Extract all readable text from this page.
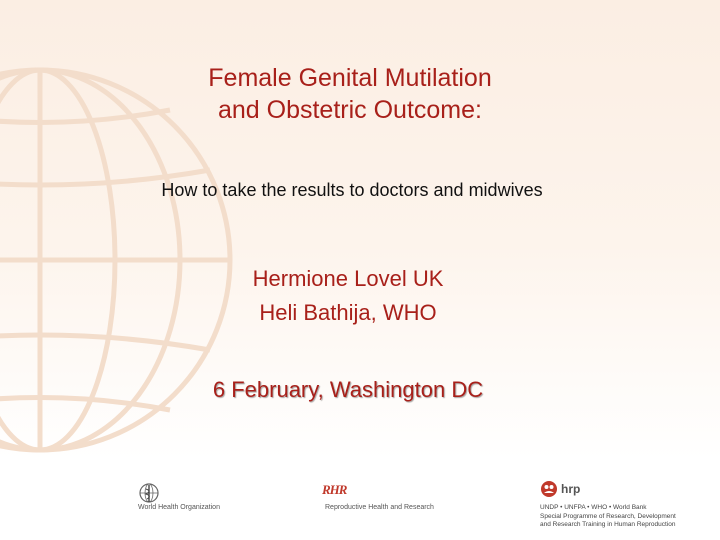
Female Genital Mutilation
and Obstetric Outcome:
How to take the results to doctors and midwives
Hermione Lovel UK
Heli Bathija, WHO
6 February, Washington DC
World Health Organization
RHR
Reproductive Health and Research
hrp
UNDP • UNFPA • WHO • World Bank
Special Programme of Research, Development
and Research Training in Human Reproduction
